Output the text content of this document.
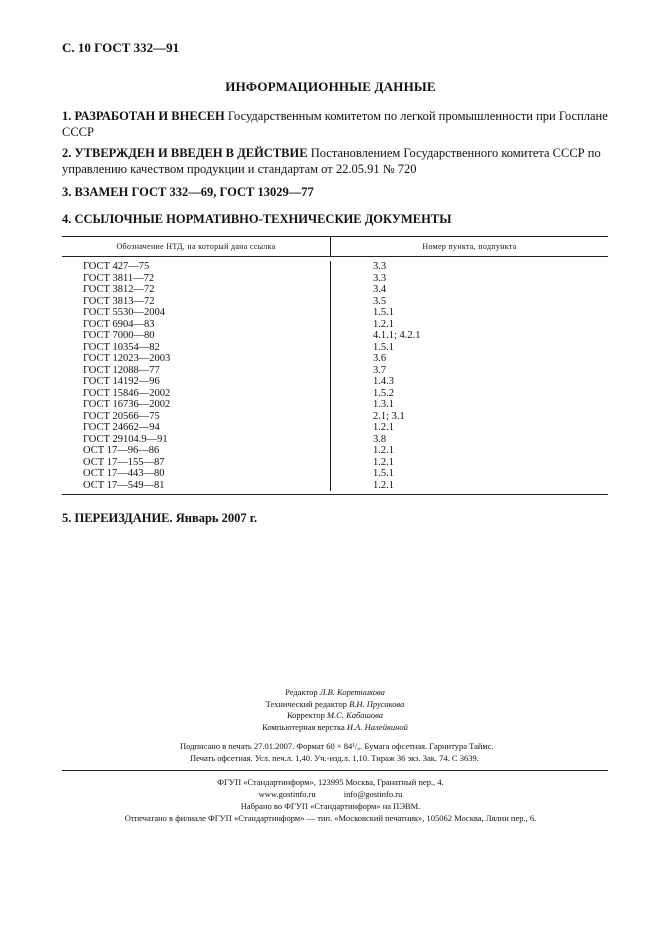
С. 10 ГОСТ 332—91
ИНФОРМАЦИОННЫЕ ДАННЫЕ
1. РАЗРАБОТАН И ВНЕСЕН Государственным комитетом по легкой промышленности при Госплане СССР
2. УТВЕРЖДЕН И ВВЕДЕН В ДЕЙСТВИЕ Постановлением Государственного комитета СССР по управлению качеством продукции и стандартам от 22.05.91 № 720
3. ВЗАМЕН ГОСТ 332—69, ГОСТ 13029—77
4. ССЫЛОЧНЫЕ НОРМАТИВНО-ТЕХНИЧЕСКИЕ ДОКУМЕНТЫ
Обозначение НТД, на который дана ссылка	Номер пункта, подпункта
ГОСТ 427—75
ГОСТ 3811—72
ГОСТ 3812—72
ГОСТ 3813—72
ГОСТ 5530—2004
ГОСТ 6904—83
ГОСТ 7000—80
ГОСТ 10354—82
ГОСТ 12023—2003
ГОСТ 12088—77
ГОСТ 14192—96
ГОСТ 15846—2002
ГОСТ 16736—2002
ГОСТ 20566—75
ГОСТ 24662—94
ГОСТ 29104.9—91
ОСТ 17—96—86
ОСТ 17—155—87
ОСТ 17—443—80
ОСТ 17—549—81
3.3
3.3
3.4
3.5
1.5.1
1.2.1
4.1.1; 4.2.1
1.5.1
3.6
3.7
1.4.3
1.5.2
1.3.1
2.1; 3.1
1.2.1
3.8
1.2.1
1.2.1
1.5.1
1.2.1
5. ПЕРЕИЗДАНИЕ. Январь 2007 г.
Редактор Л.В. Коретникова
Технический редактор В.Н. Прусакова
Корректор М.С. Кабашова
Компьютерная верстка И.А. Налейкиной
Подписано в печать 27.01.2007. Формат 60 × 84¹/₈. Бумага офсетная. Гарнитура Таймс.
Печать офсетная. Усл. печ.л. 1,40. Уч.-изд.л. 1,10. Тираж 36 экз. Зак. 74. С 3639.
ФГУП «Стандартинформ», 123995 Москва, Гранатный пер., 4.
www.gostinfo.ru	info@gostinfo.ru
Набрано во ФГУП «Стандартинформ» на ПЭВМ.
Отпечатано в филиале ФГУП «Стандартинформ» — тип. «Московский печатник», 105062 Москва, Лялин пер., 6.
